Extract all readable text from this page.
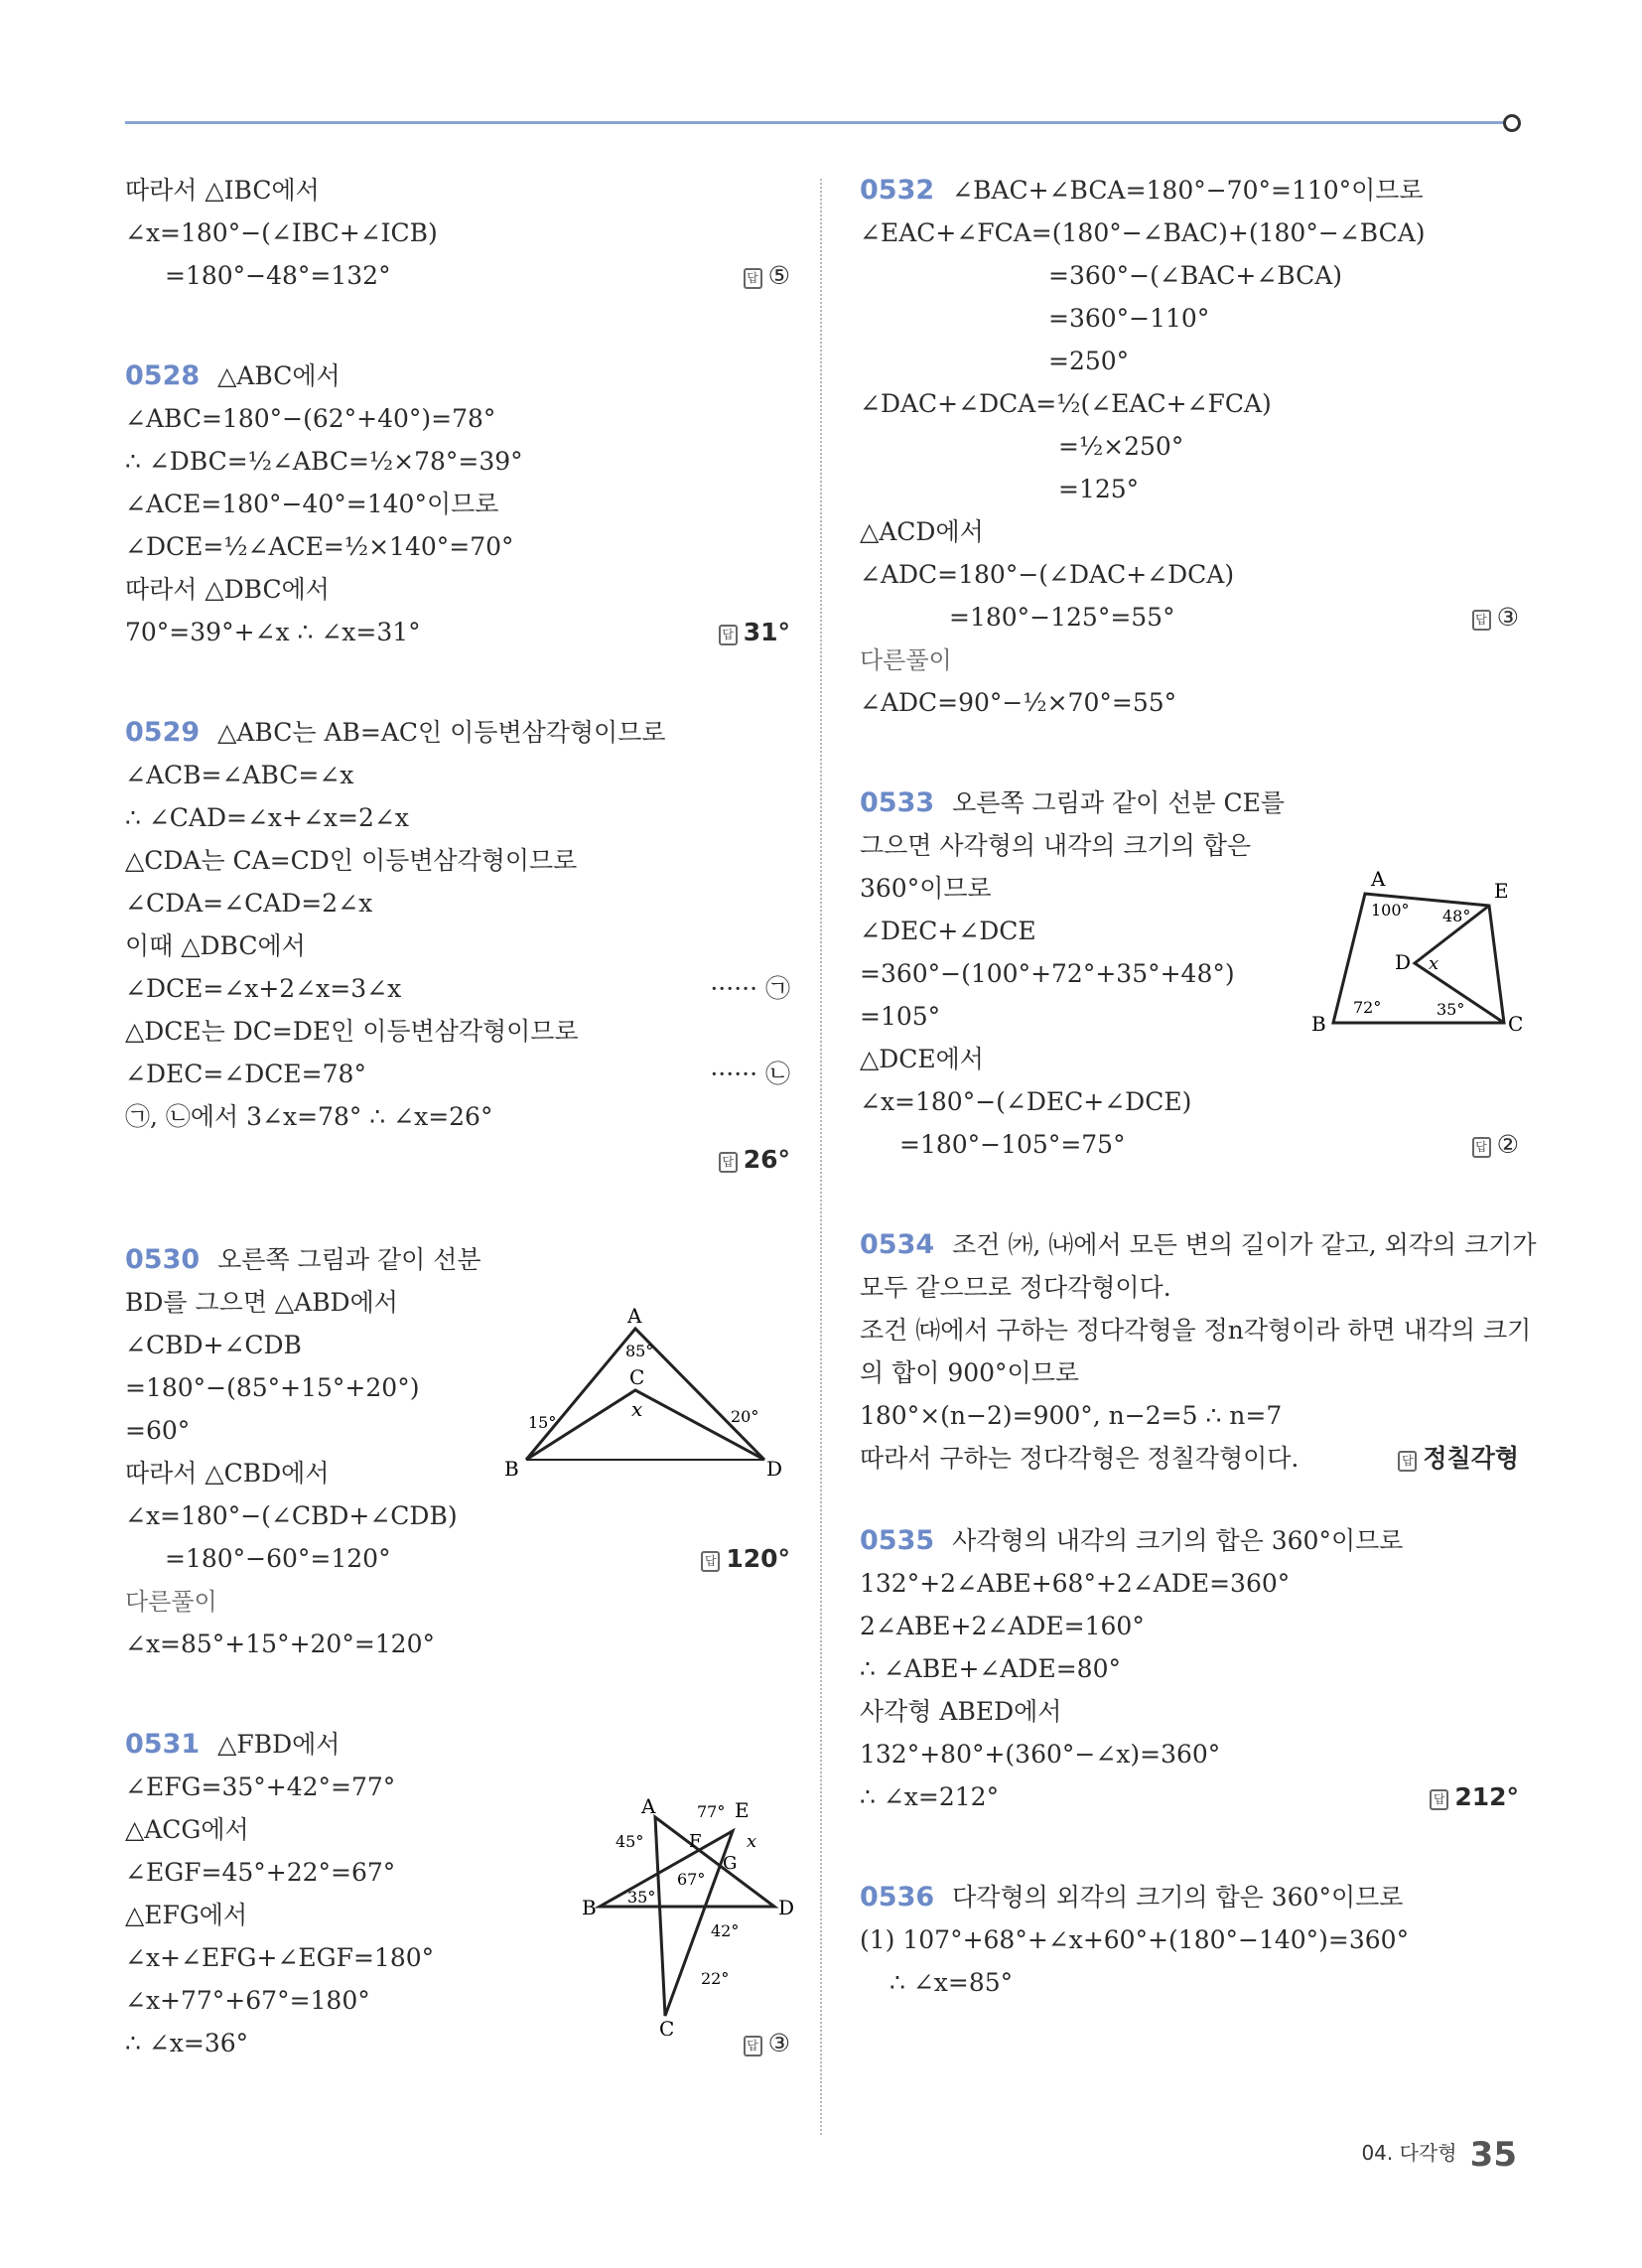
따라서 △IBC에서
∠x=180°−(∠IBC+∠ICB)
=180°−48°=132°	답 ⑤
0528 △ABC에서
∠ABC=180°−(62°+40°)=78°
∴ ∠DBC=½∠ABC=½×78°=39°
∠ACE=180°−40°=140°이므로
∠DCE=½∠ACE=½×140°=70°
따라서 △DBC에서
70°=39°+∠x ∴ ∠x=31°	답 31°
0529 △ABC는 AB=AC인 이등변삼각형이므로
∠ACB=∠ABC=∠x
∴ ∠CAD=∠x+∠x=2∠x
△CDA는 CA=CD인 이등변삼각형이므로
∠CDA=∠CAD=2∠x
이때 △DBC에서
∠DCE=∠x+2∠x=3∠x	······ ㉠
△DCE는 DC=DE인 이등변삼각형이므로
∠DEC=∠DCE=78°	······ ㉡
㉠, ㉡에서 3∠x=78° ∴ ∠x=26°
답 26°
0530 오른쪽 그림과 같이 선분
BD를 그으면 △ABD에서
∠CBD+∠CDB
=180°−(85°+15°+20°)
=60°
따라서 △CBD에서
∠x=180°−(∠CBD+∠CDB)
=180°−60°=120°	답 120°
다른풀이
∠x=85°+15°+20°=120°
0531 △FBD에서
∠EFG=35°+42°=77°
△ACG에서
∠EGF=45°+22°=67°
△EFG에서
∠x+∠EFG+∠EGF=180°
∠x+77°+67°=180°
∴ ∠x=36°	답 ③
0532 ∠BAC+∠BCA=180°−70°=110°이므로
∠EAC+∠FCA=(180°−∠BAC)+(180°−∠BCA)
=360°−(∠BAC+∠BCA)
=360°−110°
=250°
∠DAC+∠DCA=½(∠EAC+∠FCA)
=½×250°
=125°
△ACD에서
∠ADC=180°−(∠DAC+∠DCA)
=180°−125°=55°	답 ③
다른풀이
∠ADC=90°−½×70°=55°
0533 오른쪽 그림과 같이 선분 CE를
그으면 사각형의 내각의 크기의 합은
360°이므로
∠DEC+∠DCE
=360°−(100°+72°+35°+48°)
=105°
△DCE에서
∠x=180°−(∠DEC+∠DCE)
=180°−105°=75°	답 ②
0534 조건 ㈎, ㈏에서 모든 변의 길이가 같고, 외각의 크기가
모두 같으므로 정다각형이다.
조건 ㈐에서 구하는 정다각형을 정n각형이라 하면 내각의 크기
의 합이 900°이므로
180°×(n−2)=900°, n−2=5 ∴ n=7
따라서 구하는 정다각형은 정칠각형이다.	답 정칠각형
0535 사각형의 내각의 크기의 합은 360°이므로
132°+2∠ABE+68°+2∠ADE=360°
2∠ABE+2∠ADE=160°
∴ ∠ABE+∠ADE=80°
사각형 ABED에서
132°+80°+(360°−∠x)=360°
∴ ∠x=212°	답 212°
0536 다각형의 외각의 크기의 합은 360°이므로
(1) 107°+68°+∠x+60°+(180°−140°)=360°
∴ ∠x=85°
A
B
C
D
x
85°
15°	20°
A	E
F
G
B	D
C
x
45°
77°
67°
35°
42°
22°
A	E
D
B	C
x
100° 48°
72°	35°
04. 다각형 35
